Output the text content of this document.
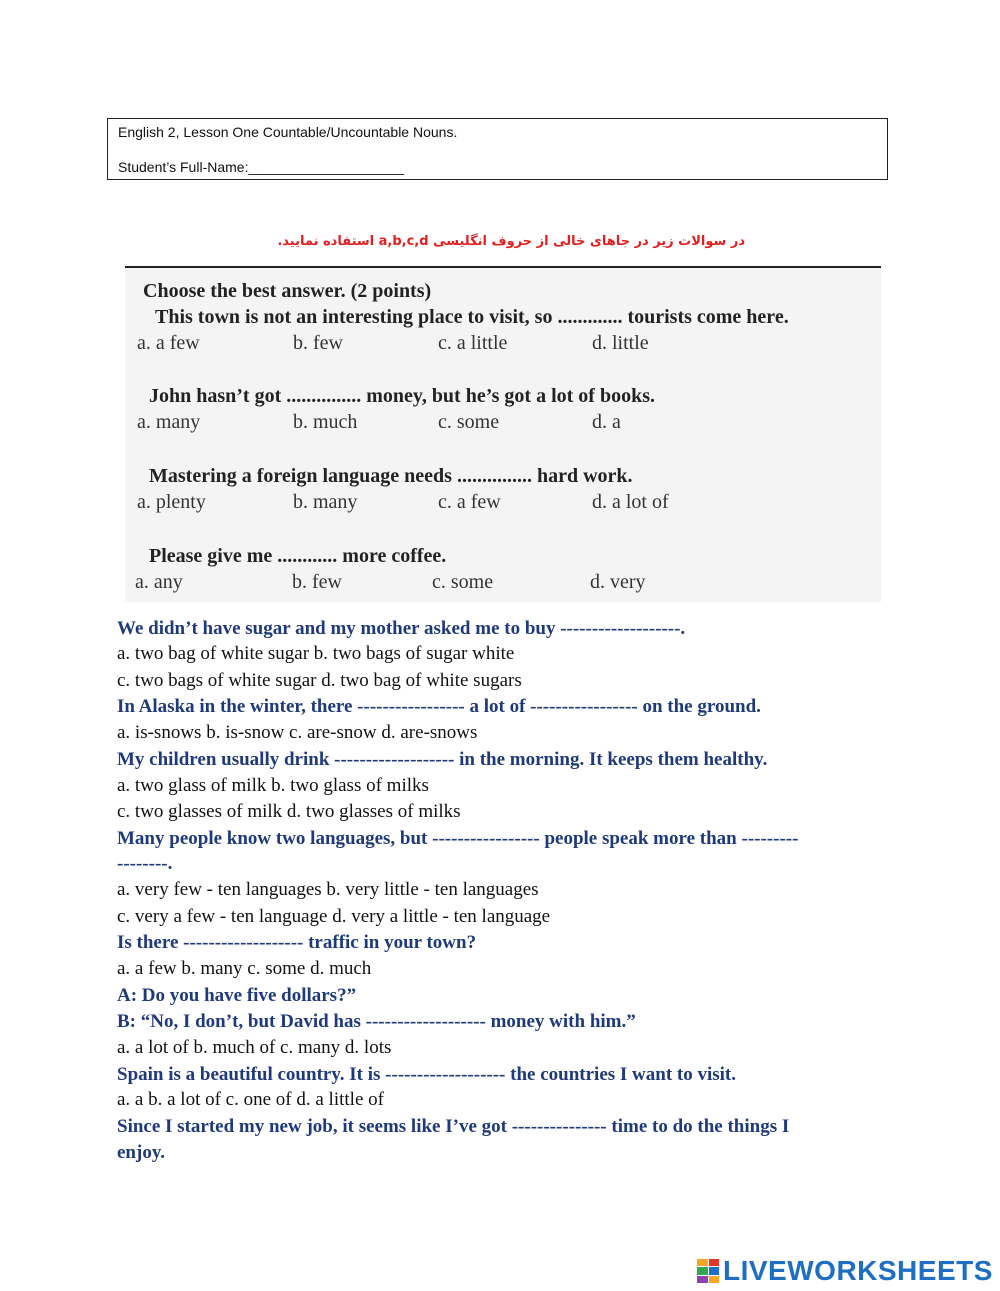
English 2, Lesson One Countable/Uncountable Nouns.
Student’s Full-Name:____________________
در سوالات زیر در جاهای خالی از حروف انگلیسی a,b,c,d استفاده نمایید.
Choose the best answer. (2 points)
This town is not an interesting place to visit, so ............. tourists come here.
a. a few	b. few	c. a little	d. little
John hasn’t got ............... money, but he’s got a lot of books.
a. many	b. much	c. some	d. a
Mastering a foreign language needs ............... hard work.
a. plenty	b. many	c. a few	d. a lot of
Please give me ............ more coffee.
a. any	b. few	c. some	d. very
We didn’t have sugar and my mother asked me to buy -------------------.
a. two bag of white sugar b. two bags of sugar white
c. two bags of white sugar d. two bag of white sugars
In Alaska in the winter, there ----------------- a lot of ----------------- on the ground.
a. is-snows b. is-snow c. are-snow d. are-snows
My children usually drink ------------------- in the morning. It keeps them healthy.
a. two glass of milk b. two glass of milks
c. two glasses of milk d. two glasses of milks
Many people know two languages, but ----------------- people speak more than ---------
--------.
a. very few - ten languages b. very little - ten languages
c. very a few - ten language d. very a little - ten language
Is there ------------------- traffic in your town?
a. a few b. many c. some d. much
A: Do you have five dollars?”
B: “No, I don’t, but David has ------------------- money with him.”
a. a lot of b. much of c. many d. lots
Spain is a beautiful country. It is ------------------- the countries I want to visit.
a. a b. a lot of c. one of d. a little of
Since I started my new job, it seems like I’ve got --------------- time to do the things I
enjoy.
LIVEWORKSHEETS
